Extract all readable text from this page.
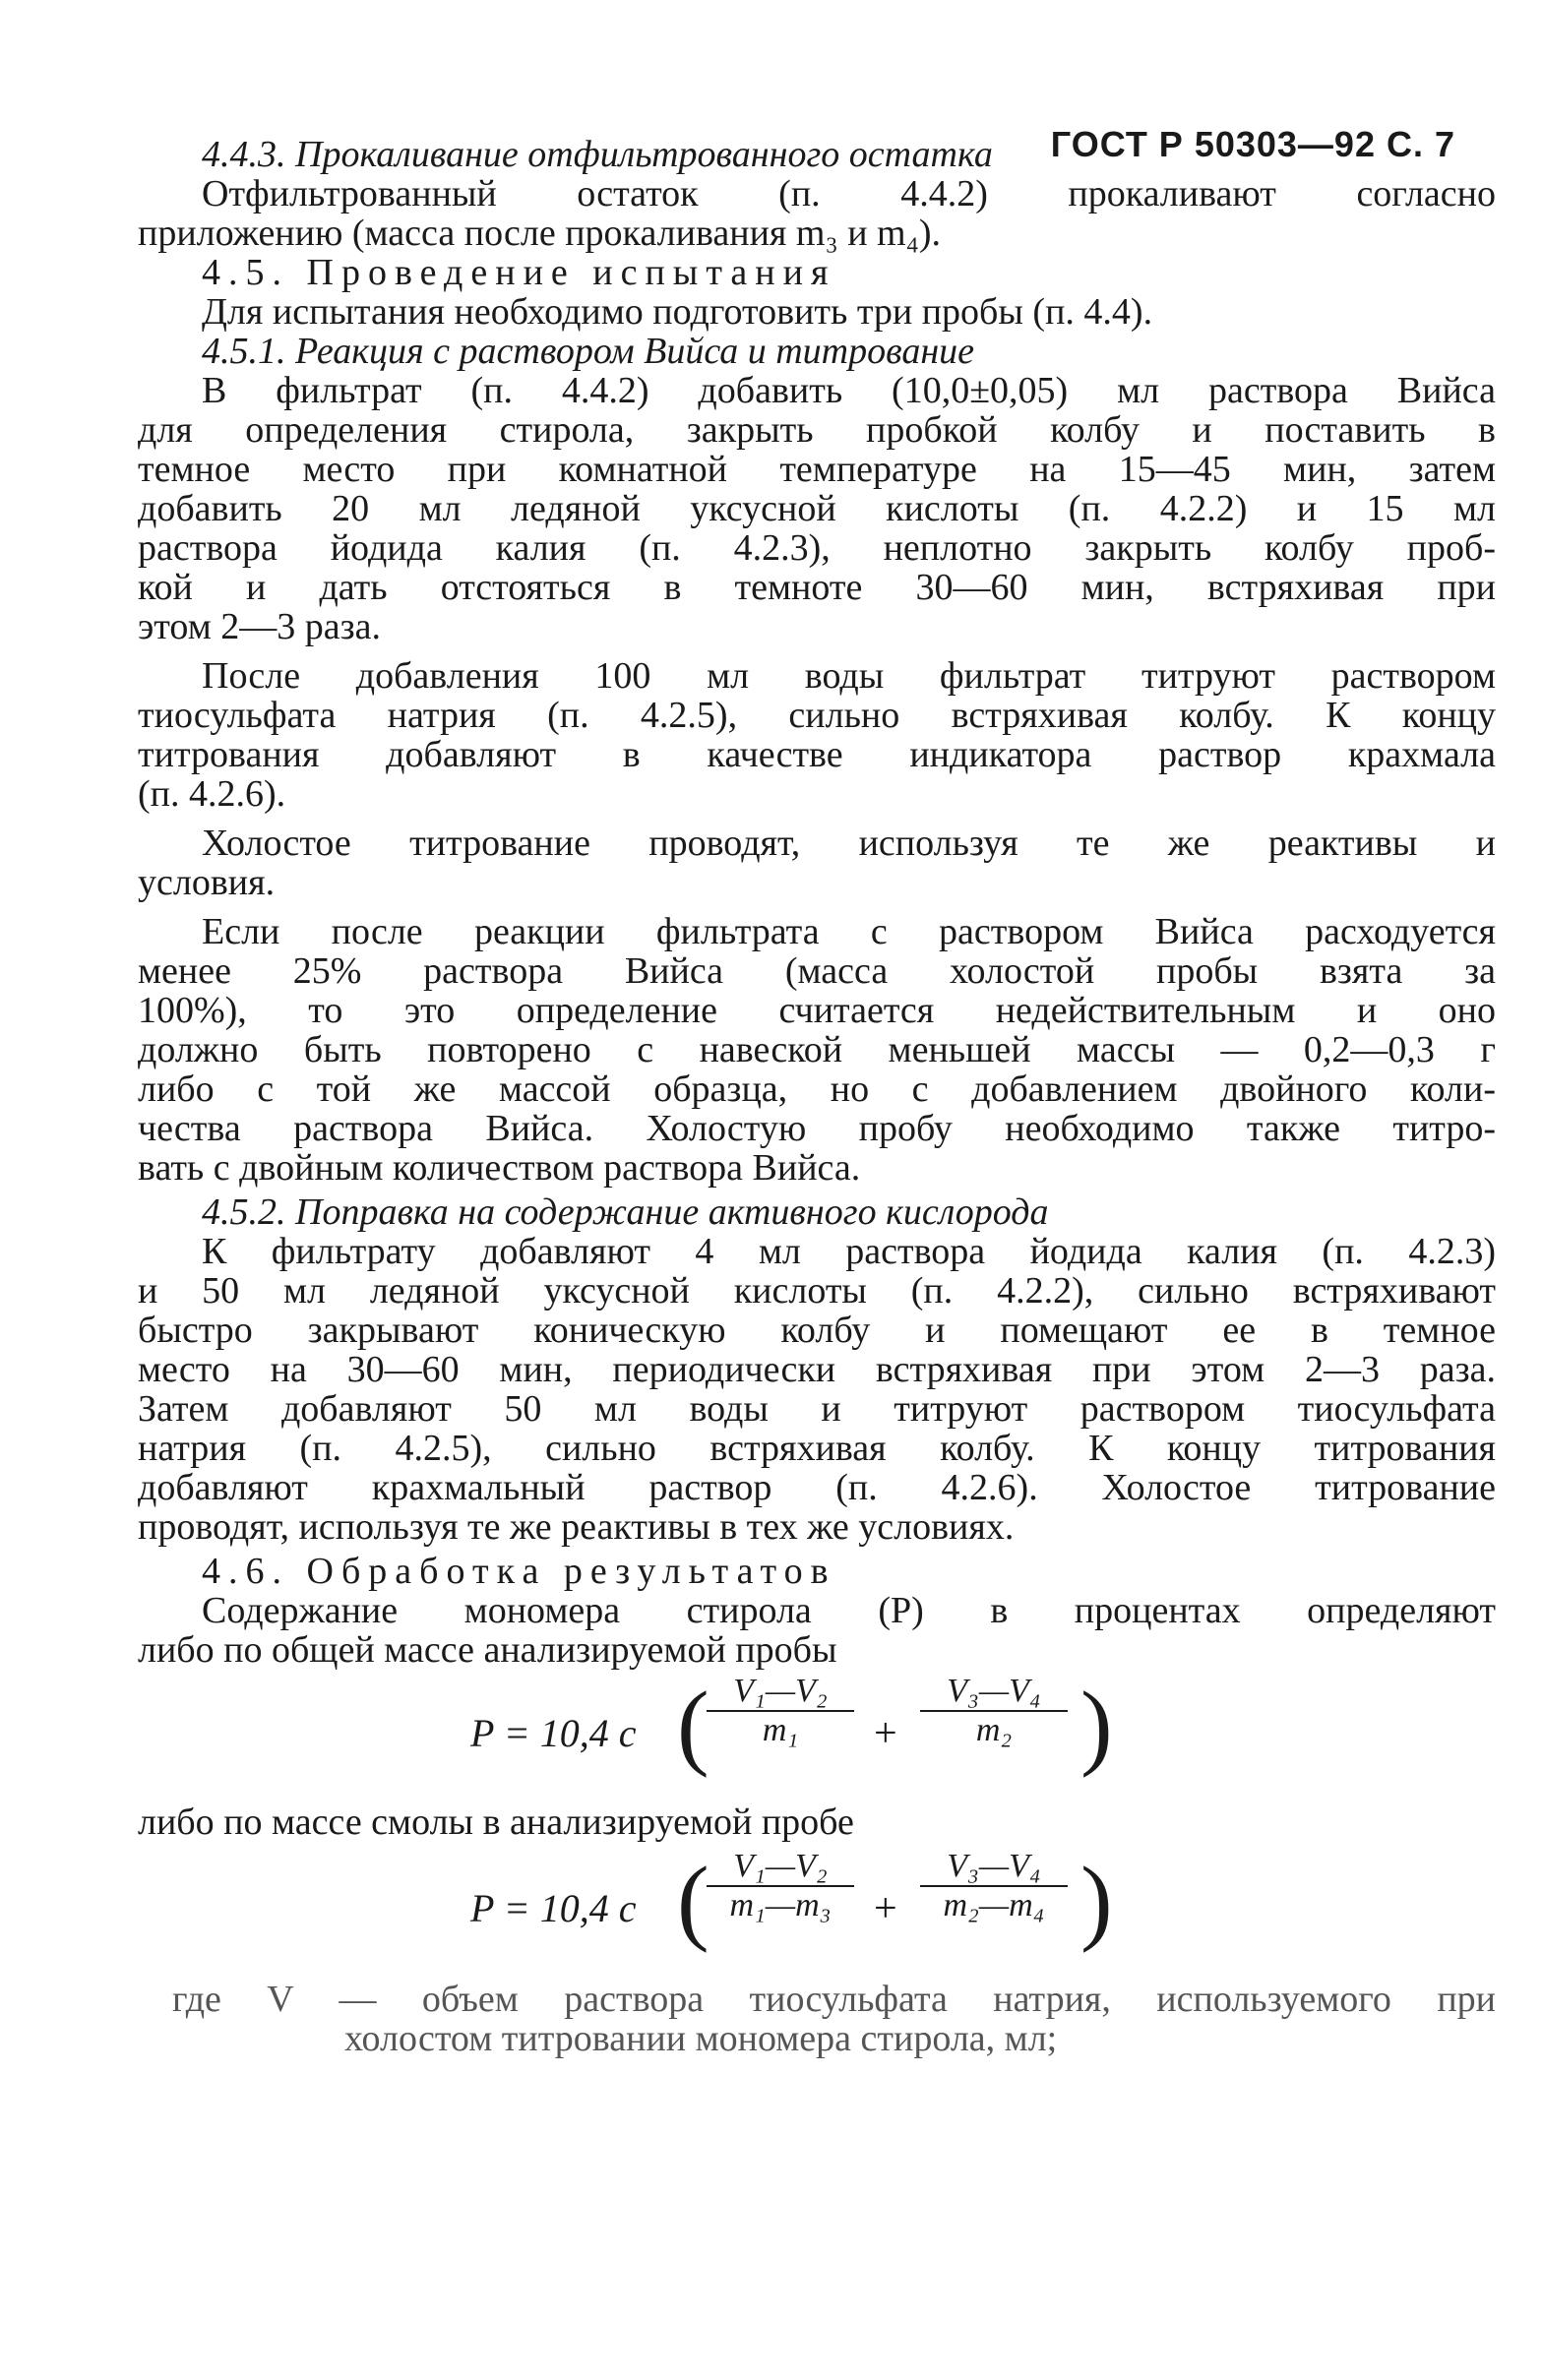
ГОСТ Р 50303—92 С. 7
4.4.3. Прокаливание отфильтрованного остатка
Отфильтрованный остаток (п. 4.4.2) прокаливают согласно
приложению (масса после прокаливания m₃ и m₄).
4.5. Проведение испытания
Для испытания необходимо подготовить три пробы (п. 4.4).
4.5.1. Реакция с раствором Вийса и титрование
В фильтрат (п. 4.4.2) добавить (10,0±0,05) мл раствора Вийса
для определения стирола, закрыть пробкой колбу и поставить в
темное место при комнатной температуре на 15—45 мин, затем
добавить 20 мл ледяной уксусной кислоты (п. 4.2.2) и 15 мл
раствора йодида калия (п. 4.2.3), неплотно закрыть колбу проб-
кой и дать отстояться в темноте 30—60 мин, встряхивая при
этом 2—3 раза.
После добавления 100 мл воды фильтрат титруют раствором
тиосульфата натрия (п. 4.2.5), сильно встряхивая колбу. К концу
титрования добавляют в качестве индикатора раствор крахмала
(п. 4.2.6).
Холостое титрование проводят, используя те же реактивы и
условия.
Если после реакции фильтрата с раствором Вийса расходуется
менее 25% раствора Вийса (масса холостой пробы взята за
100%), то это определение считается недействительным и оно
должно быть повторено с навеской меньшей массы — 0,2—0,3 г
либо с той же массой образца, но с добавлением двойного коли-
чества раствора Вийса. Холостую пробу необходимо также титро-
вать с двойным количеством раствора Вийса.
4.5.2. Поправка на содержание активного кислорода
К фильтрату добавляют 4 мл раствора йодида калия (п. 4.2.3)
и 50 мл ледяной уксусной кислоты (п. 4.2.2), сильно встряхивают
быстро закрывают коническую колбу и помещают ее в темное
место на 30—60 мин, периодически встряхивая при этом 2—3 раза.
Затем добавляют 50 мл воды и титруют раствором тиосульфата
натрия (п. 4.2.5), сильно встряхивая колбу. К концу титрования
добавляют крахмальный раствор (п. 4.2.6). Холостое титрование
проводят, используя те же реактивы в тех же условиях.
4.6. Обработка результатов
Содержание мономера стирола (P) в процентах определяют
либо по общей массе анализируемой пробы
P = 10,4 c (
$\frac{\text{V₁—V₂}}{\text{m₁}} + \frac{\text{V₃—V₄}}{\text{m₂}}$ )
либо по массе смолы в анализируемой пробе
P = 10,4 c (
$\frac{\text{V₁—V₂}}{\text{m₁—m₃}} + \frac{\text{V₃—V₄}}{\text{m₂—m₄}}$ )
где V — объем раствора тиосульфата натрия, используемого при
холостом титровании мономера стирола, мл;
